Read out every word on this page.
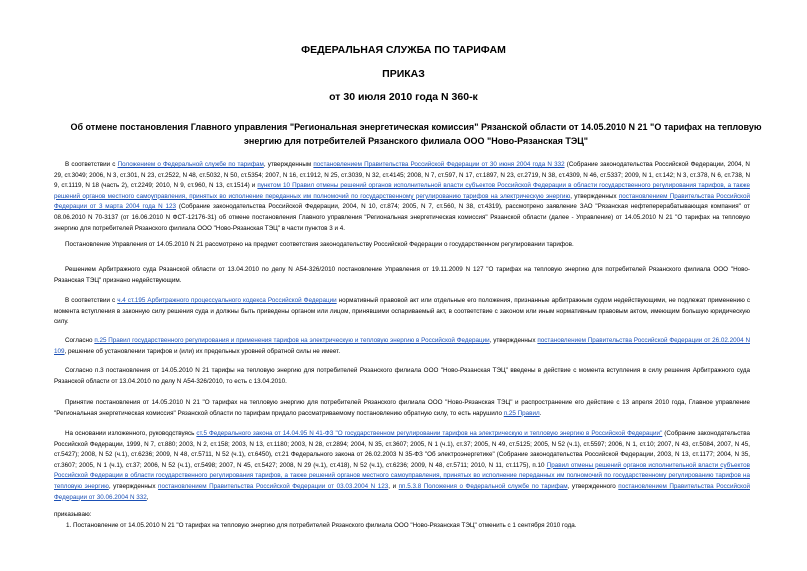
ФЕДЕРАЛЬНАЯ СЛУЖБА ПО ТАРИФАМ
ПРИКАЗ
от 30 июля 2010 года N 360-к
Об отмене постановления Главного управления "Региональная энергетическая комиссия" Рязанской области от 14.05.2010 N 21 "О тарифах на тепловую энергию для потребителей Рязанского филиала ООО "Ново-Рязанская ТЭЦ"

В соответствии с Положением о Федеральной службе по тарифам, утвержденным постановлением Правительства Российской Федерации от 30 июня 2004 года N 332 (Собрание законодательства Российской Федерации, 2004, N 29, ст.3049; 2006, N 3, ст.301, N 23, ст.2522, N 48, ст.5032, N 50, ст.5354; 2007, N 16, ст.1912, N 25, ст.3039, N 32, ст.4145; 2008, N 7, ст.597, N 17, ст.1897, N 23, ст.2719, N 38, ст.4309, N 46, ст.5337; 2009, N 1, ст.142; N 3, ст.378, N 6, ст.738, N 9, ст.1119, N 18 (часть 2), ст.2249; 2010, N 9, ст.960, N 13, ст.1514) и пунктом 10 Правил отмены решений органов исполнительной власти субъектов Российской Федерации в области государственного регулирования тарифов, а также решений органов местного самоуправления, принятых во исполнение переданных им полномочий по государственному регулированию тарифов на электрическую энергию, утвержденных постановлением Правительства Российской Федерации от 3 марта 2004 года N 123 (Собрание законодательства Российской Федерации, 2004, N 10, ст.874; 2005, N 7, ст.560, N 38, ст.4319), рассмотрено заявление ЗАО "Рязанская нефтеперерабатывающая компания" от 08.06.2010 N 70-3137 (от 16.06.2010 N ФСТ-12176-31) об отмене постановления Главного управления "Региональная энергетическая комиссия" Рязанской области (далее - Управление) от 14.05.2010 N 21 "О тарифах на тепловую энергию для потребителей Рязанского филиала ООО "Ново-Рязанская ТЭЦ" в части пунктов 3 и 4.

Постановление Управления от 14.05.2010 N 21 рассмотрено на предмет соответствия законодательству Российской Федерации о государственном регулировании тарифов.

Решением Арбитражного суда Рязанской области от 13.04.2010 по делу N А54-326/2010 постановление Управления от 19.11.2009 N 127 "О тарифах на тепловую энергию для потребителей Рязанского филиала ООО "Ново-Рязанская ТЭЦ" признано недействующим.

В соответствии с ч.4 ст.195 Арбитражного процессуального кодекса Российской Федерации нормативный правовой акт или отдельные его положения, признанные арбитражным судом недействующими, не подлежат применению с момента вступления в законную силу решения суда и должны быть приведены органом или лицом, принявшими оспариваемый акт, в соответствие с законом или иным нормативным правовым актом, имеющим большую юридическую силу.

Согласно п.25 Правил государственного регулирования и применения тарифов на электрическую и тепловую энергию в Российской Федерации, утвержденных постановлением Правительства Российской Федерации от 26.02.2004 N 109, решение об установлении тарифов и (или) их предельных уровней обратной силы не имеет.

Согласно п.3 постановления от 14.05.2010 N 21 тарифы на тепловую энергию для потребителей Рязанского филиала ООО "Ново-Рязанская ТЭЦ" введены в действие с момента вступления в силу решения Арбитражного суда Рязанской области от 13.04.2010 по делу N А54-326/2010, то есть с 13.04.2010.

Принятие постановления от 14.05.2010 N 21 "О тарифах на тепловую энергию для потребителей Рязанского филиала ООО "Ново-Рязанская ТЭЦ" и распространение его действие с 13 апреля 2010 года, Главное управление "Региональная энергетическая комиссия" Рязанской области по тарифам придало рассматриваемому постановлению обратную силу, то есть нарушило п.25 Правил.

На основании изложенного, руководствуясь ст.5 Федерального закона от 14.04.95 N 41-ФЗ "О государственном регулировании тарифов на электрическую и тепловую энергию в Российской Федерации" (Собрание законодательства Российской Федерации, 1999, N 7, ст.880; 2003, N 2, ст.158; 2003, N 13, ст.1180; 2003, N 28, ст.2894; 2004, N 35, ст.3607; 2005, N 1 (ч.1), ст.37; 2005, N 49, ст.5125; 2005, N 52 (ч.1), ст.5597; 2006, N 1, ст.10; 2007, N 43, ст.5084, 2007, N 45, ст.5427); 2008, N 52 (ч.1), ст.6236; 2009, N 48, ст.5711, N 52 (ч.1), ст.6450), ст.21 Федерального закона от 26.02.2003 N 35-ФЗ "Об электроэнергетике" (Собрание законодательства Российской Федерации, 2003, N 13, ст.1177; 2004, N 35, ст.3607; 2005, N 1 (ч.1), ст.37; 2006, N 52 (ч.1), ст.5498; 2007, N 45, ст.5427; 2008, N 29 (ч.1), ст.418), N 52 (ч.1), ст.6236; 2009, N 48, ст.5711; 2010, N 11, ст.1175), п.10 Правил отмены решений органов исполнительной власти субъектов Российской Федерации в области государственного регулирования тарифов, а также решений органов местного самоуправления, принятых во исполнение переданных им полномочий по государственному регулированию тарифов на тепловую энергию, утвержденных постановлением Правительства Российской Федерации от 03.03.2004 N 123, и пп.5.3.8 Положения о Федеральной службе по тарифам, утвержденного постановлением Правительства Российской Федерации от 30.06.2004 N 332,

приказываю:

1. Постановление от 14.05.2010 N 21 "О тарифах на тепловую энергию для потребителей Рязанского филиала ООО "Ново-Рязанская ТЭЦ" отменить с 1 сентября 2010 года.
